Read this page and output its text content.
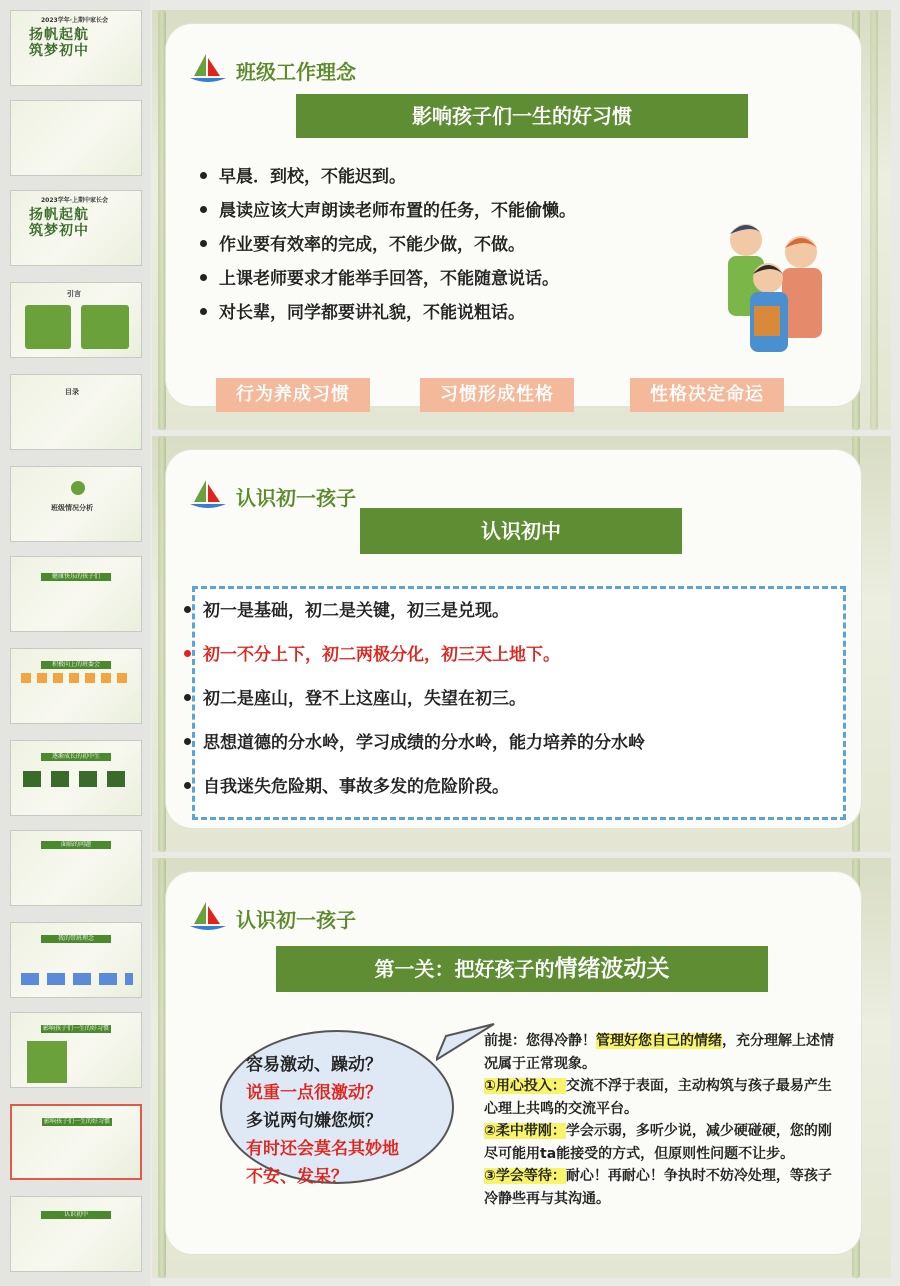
2023学年·上期中家长会
扬帆起航 筑梦初中
2023学年·上期中家长会
扬帆起航 筑梦初中
引言
目录
班级情况分析
健康快乐的孩子们
积极向上的班委会
逐渐成长的初中生
面临的问题
我的带班理念
影响孩子们一生的好习惯
影响孩子们一生的好习惯
认识初中
班级工作理念
影响孩子们一生的好习惯
早晨．到校，不能迟到。
晨读应该大声朗读老师布置的任务，不能偷懒。
作业要有效率的完成，不能少做，不做。
上课老师要求才能举手回答，不能随意说话。
对长辈，同学都要讲礼貌，不能说粗话。
行为养成习惯	习惯形成性格	性格决定命运
认识初一孩子
认识初中
初一是基础，初二是关键，初三是兑现。
初一不分上下，初二两极分化，初三天上地下。
初二是座山，登不上这座山，失望在初三。
思想道德的分水岭，学习成绩的分水岭，能力培养的分水岭
自我迷失危险期、事故多发的危险阶段。
认识初一孩子
第一关：把好孩子的情绪波动关
容易激动、躁动？
说重一点很激动？
多说两句嫌您烦？
有时还会莫名其妙地
不安、发呆？
前提：您得冷静！管理好您自己的情绪，充分理解上述情况属于正常现象。
①用心投入：交流不浮于表面，主动构筑与孩子最易产生心理上共鸣的交流平台。
②柔中带刚：学会示弱，多听少说，减少硬碰硬，您的刚尽可能用ta能接受的方式，但原则性问题不让步。
③学会等待：耐心！再耐心！争执时不妨冷处理，等孩子冷静些再与其沟通。
